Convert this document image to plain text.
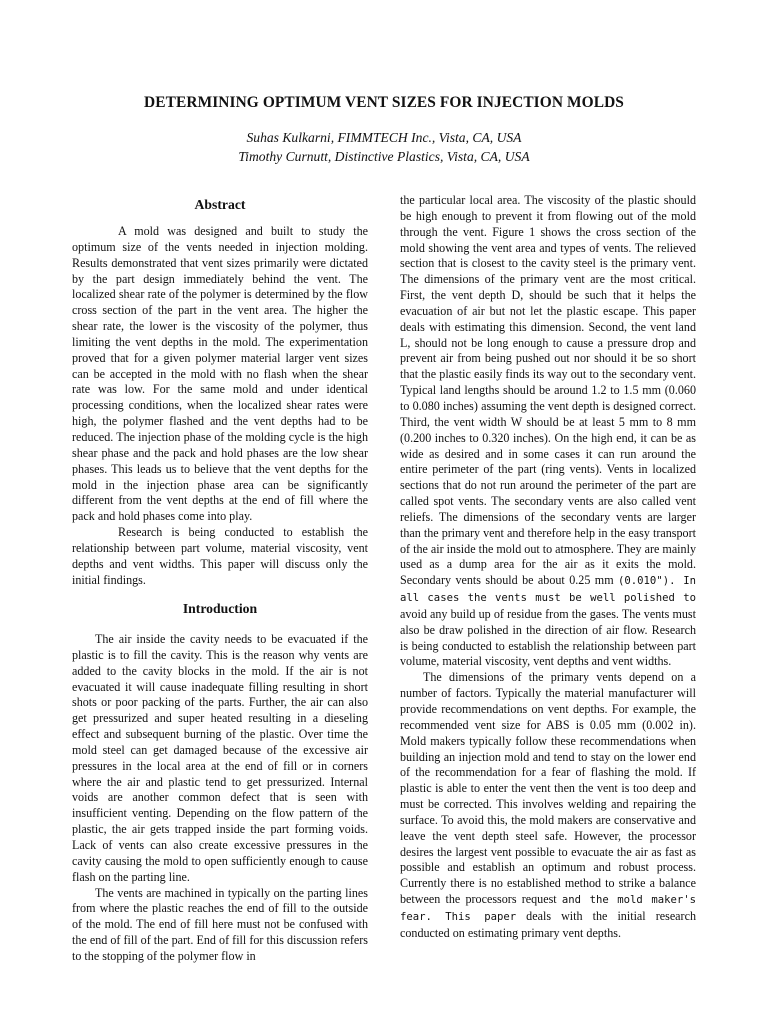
DETERMINING OPTIMUM VENT SIZES FOR INJECTION MOLDS
Suhas Kulkarni, FIMMTECH Inc., Vista, CA, USA
Timothy Curnutt, Distinctive Plastics, Vista, CA, USA
Abstract

A mold was designed and built to study the optimum size of the vents needed in injection molding. Results demonstrated that vent sizes primarily were dictated by the part design immediately behind the vent. The localized shear rate of the polymer is determined by the flow cross section of the part in the vent area. The higher the shear rate, the lower is the viscosity of the polymer, thus limiting the vent depths in the mold. The experimentation proved that for a given polymer material larger vent sizes can be accepted in the mold with no flash when the shear rate was low. For the same mold and under identical processing conditions, when the localized shear rates were high, the polymer flashed and the vent depths had to be reduced. The injection phase of the molding cycle is the high shear phase and the pack and hold phases are the low shear phases. This leads us to believe that the vent depths for the mold in the injection phase area can be significantly different from the vent depths at the end of fill where the pack and hold phases come into play.

Research is being conducted to establish the relationship between part volume, material viscosity, vent depths and vent widths. This paper will discuss only the initial findings.

Introduction

The air inside the cavity needs to be evacuated if the plastic is to fill the cavity. This is the reason why vents are added to the cavity blocks in the mold. If the air is not evacuated it will cause inadequate filling resulting in short shots or poor packing of the parts. Further, the air can also get pressurized and super heated resulting in a dieseling effect and subsequent burning of the plastic. Over time the mold steel can get damaged because of the excessive air pressures in the local area at the end of fill or in corners where the air and plastic tend to get pressurized. Internal voids are another common defect that is seen with insufficient venting. Depending on the flow pattern of the plastic, the air gets trapped inside the part forming voids. Lack of vents can also create excessive pressures in the cavity causing the mold to open sufficiently enough to cause flash on the parting line.

The vents are machined in typically on the parting lines from where the plastic reaches the end of fill to the outside of the mold. The end of fill here must not be confused with the end of fill of the part. End of fill for this discussion refers to the stopping of the polymer flow in

the particular local area. The viscosity of the plastic should be high enough to prevent it from flowing out of the mold through the vent. Figure 1 shows the cross section of the mold showing the vent area and types of vents. The relieved section that is closest to the cavity steel is the primary vent. The dimensions of the primary vent are the most critical. First, the vent depth D, should be such that it helps the evacuation of air but not let the plastic escape. This paper deals with estimating this dimension. Second, the vent land L, should not be long enough to cause a pressure drop and prevent air from being pushed out nor should it be so short that the plastic easily finds its way out to the secondary vent. Typical land lengths should be around 1.2 to 1.5 mm (0.060 to 0.080 inches) assuming the vent depth is designed correct. Third, the vent width W should be at least 5 mm to 8 mm (0.200 inches to 0.320 inches). On the high end, it can be as wide as desired and in some cases it can run around the entire perimeter of the part (ring vents). Vents in localized sections that do not run around the perimeter of the part are called spot vents. The secondary vents are also called vent reliefs. The dimensions of the secondary vents are larger than the primary vent and therefore help in the easy transport of the air inside the mold out to atmosphere. They are mainly used as a dump area for the air as it exits the mold. Secondary vents should be about 0.25 mm (0.010"). In all cases the vents must be well polished to avoid any build up of residue from the gases. The vents must also be draw polished in the direction of air flow. Research is being conducted to establish the relationship between part volume, material viscosity, vent depths and vent widths.

The dimensions of the primary vents depend on a number of factors. Typically the material manufacturer will provide recommendations on vent depths. For example, the recommended vent size for ABS is 0.05 mm (0.002 in). Mold makers typically follow these recommendations when building an injection mold and tend to stay on the lower end of the recommendation for a fear of flashing the mold. If plastic is able to enter the vent then the vent is too deep and must be corrected. This involves welding and repairing the surface. To avoid this, the mold makers are conservative and leave the vent depth steel safe. However, the processor desires the largest vent possible to evacuate the air as fast as possible and establish an optimum and robust process. Currently there is no established method to strike a balance between the processors request and the mold maker's fear. This paper deals with the initial research conducted on estimating primary vent depths.
